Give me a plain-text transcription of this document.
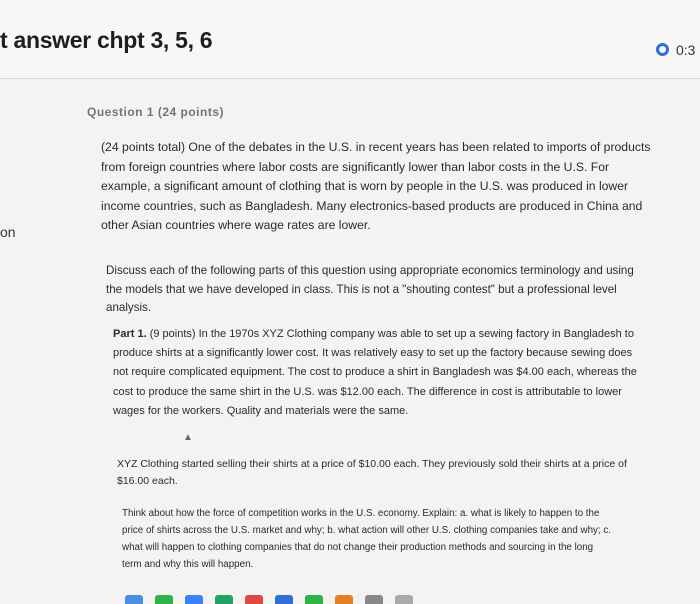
t answer chpt 3, 5, 6	0:3
on

(24 points total) One of the debates in the U.S. in recent years has been related to imports of products from foreign countries where labor costs are significantly lower than labor costs in the U.S. For example, a significant amount of clothing that is worn by people in the U.S. was produced in lower income countries, such as Bangladesh. Many electronics-based products are produced in China and other Asian countries where wage rates are lower.

Discuss each of the following parts of this question using appropriate economics terminology and using the models that we have developed in class. This is not a "shouting contest" but a professional level analysis.

Part 1. (9 points) In the 1970s XYZ Clothing company was able to set up a sewing factory in Bangladesh to produce shirts at a significantly lower cost. It was relatively easy to set up the factory because sewing does not require complicated equipment. The cost to produce a shirt in Bangladesh was $4.00 each, whereas the cost to produce the same shirt in the U.S. was $12.00 each. The difference in cost is attributable to lower wages for the workers. Quality and materials were the same.

▲

XYZ Clothing started selling their shirts at a price of $10.00 each. They previously sold their shirts at a price of $16.00 each.

Think about how the force of competition works in the U.S. economy. Explain: a. what is likely to happen to the price of shirts across the U.S. market and why; b. what action will other U.S. clothing companies take and why; c. what will happen to clothing companies that do not change their production methods and sourcing in the long term and why this will happen.
